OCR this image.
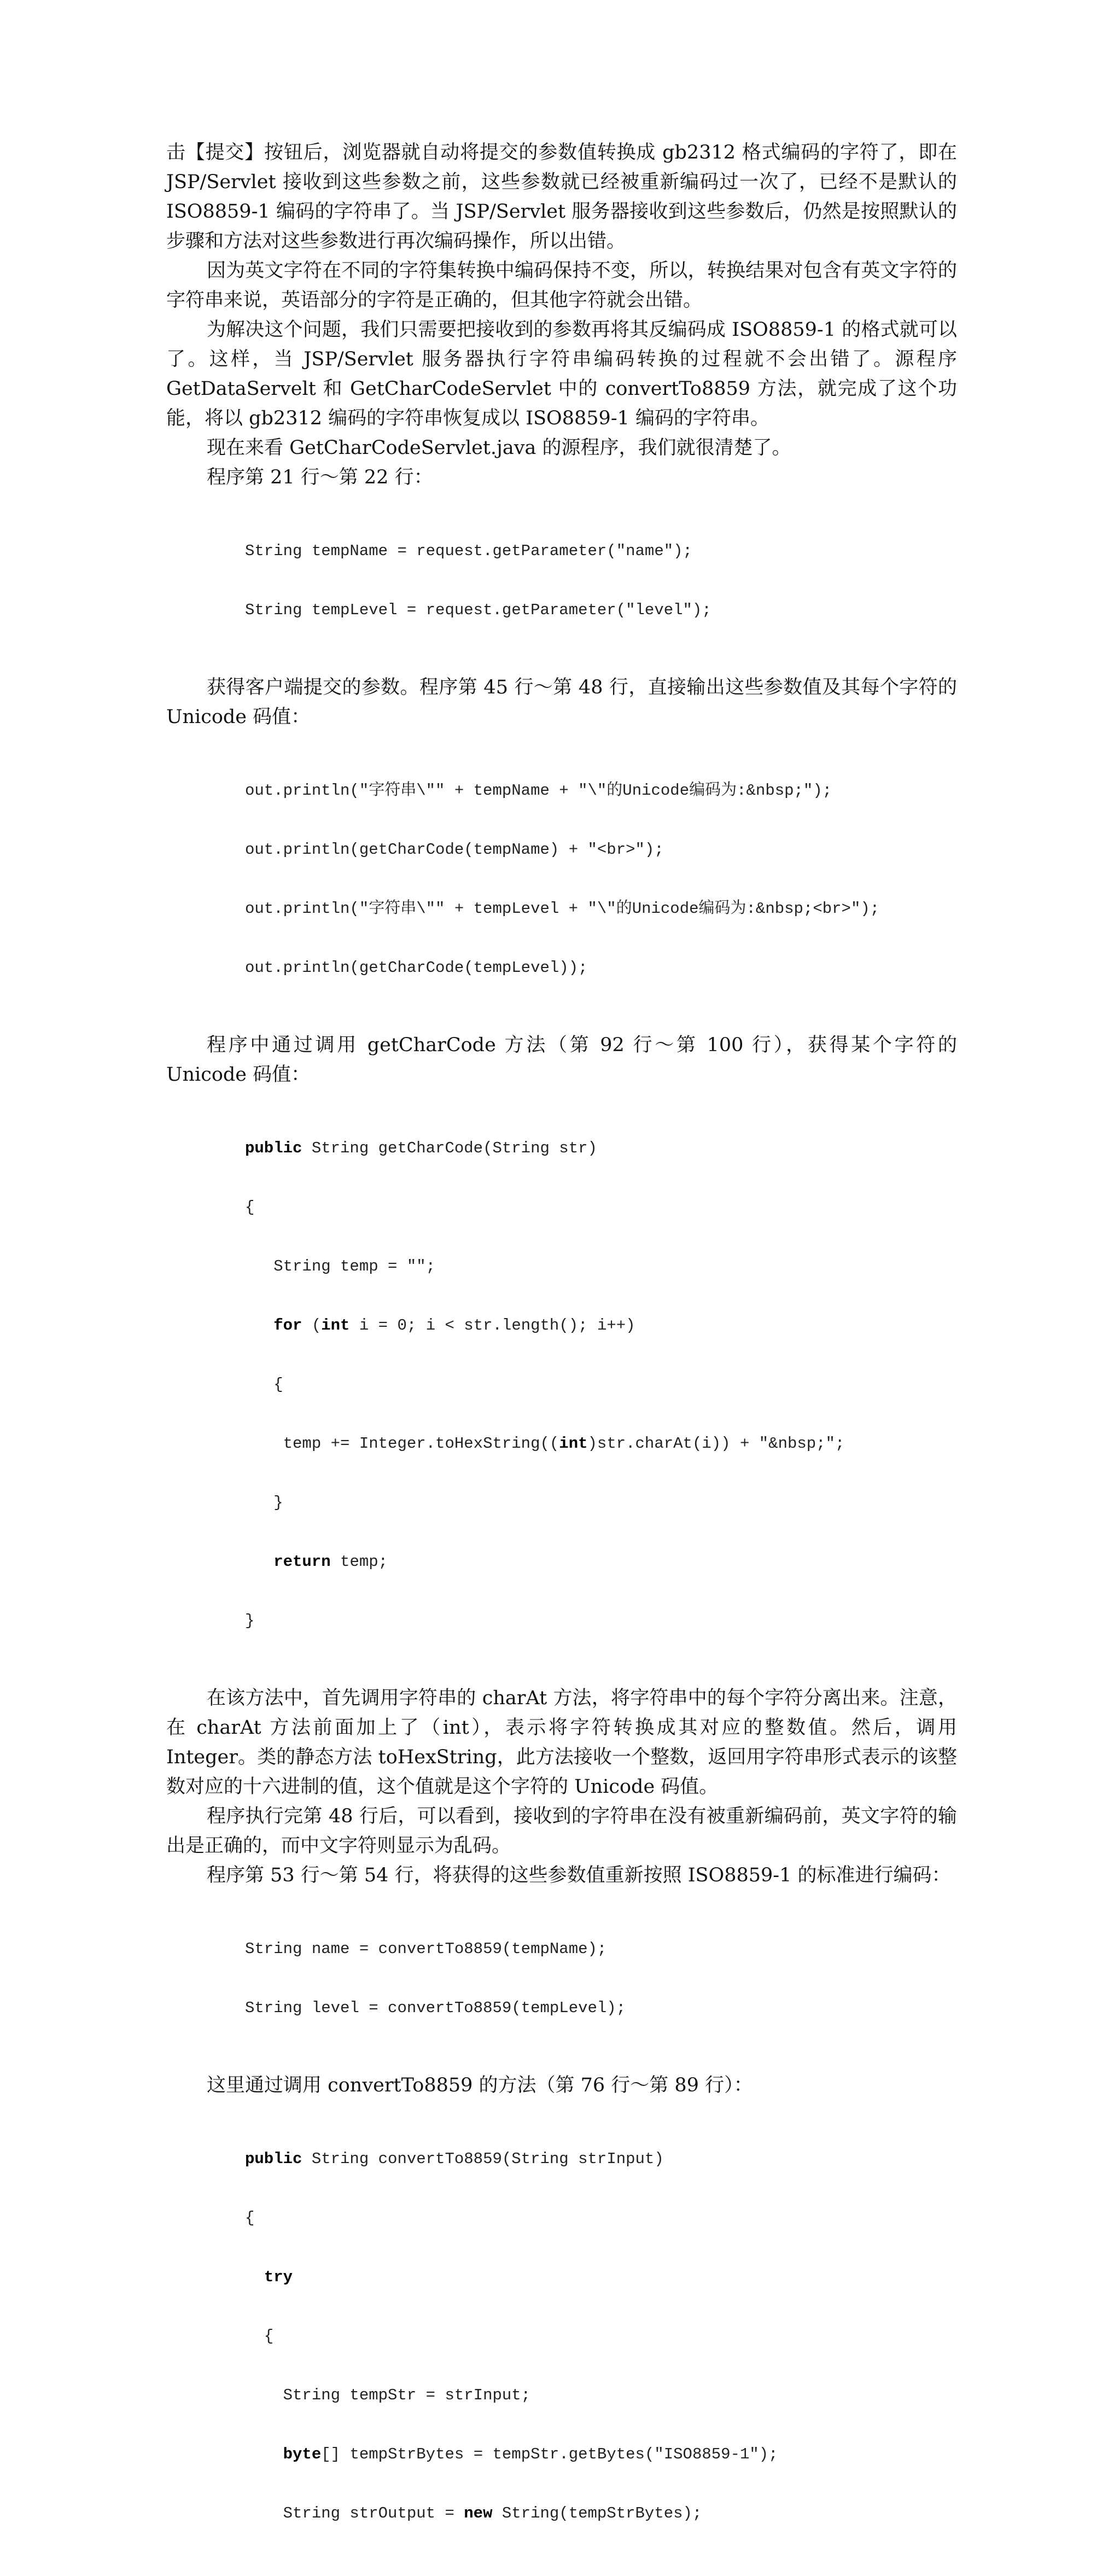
击【提交】按钮后，浏览器就自动将提交的参数值转换成 gb2312 格式编码的字符了，即在 JSP/Servlet 接收到这些参数之前，这些参数就已经被重新编码过一次了，已经不是默认的 ISO8859-1 编码的字符串了。当 JSP/Servlet 服务器接收到这些参数后，仍然是按照默认的步骤和方法对这些参数进行再次编码操作，所以出错。

因为英文字符在不同的字符集转换中编码保持不变，所以，转换结果对包含有英文字符的字符串来说，英语部分的字符是正确的，但其他字符就会出错。

为解决这个问题，我们只需要把接收到的参数再将其反编码成 ISO8859-1 的格式就可以了。这样，当 JSP/Servlet 服务器执行字符串编码转换的过程就不会出错了。源程序 GetDataServelt 和 GetCharCodeServlet 中的 convertTo8859 方法，就完成了这个功能，将以 gb2312 编码的字符串恢复成以 ISO8859-1 编码的字符串。

现在来看 GetCharCodeServlet.java 的源程序，我们就很清楚了。

程序第 21 行～第 22 行：

String tempName = request.getParameter("name");

String tempLevel = request.getParameter("level");

获得客户端提交的参数。程序第 45 行～第 48 行，直接输出这些参数值及其每个字符的 Unicode 码值：

out.println("字符串\"" + tempName + "\"的Unicode编码为:&nbsp;");

out.println(getCharCode(tempName) + "<br>");

out.println("字符串\"" + tempLevel + "\"的Unicode编码为:&nbsp;<br>");

out.println(getCharCode(tempLevel));

程序中通过调用 getCharCode 方法（第 92 行～第 100 行），获得某个字符的 Unicode 码值：

public String getCharCode(String str)

{

String temp = "";

for (int i = 0; i < str.length(); i++)

{

temp += Integer.toHexString((int)str.charAt(i)) + "&nbsp;";

}

return temp;

}

在该方法中，首先调用字符串的 charAt 方法，将字符串中的每个字符分离出来。注意，在 charAt 方法前面加上了（int），表示将字符转换成其对应的整数值。然后，调用 Integer。类的静态方法 toHexString，此方法接收一个整数，返回用字符串形式表示的该整数对应的十六进制的值，这个值就是这个字符的 Unicode 码值。

程序执行完第 48 行后，可以看到，接收到的字符串在没有被重新编码前，英文字符的输出是正确的，而中文字符则显示为乱码。

程序第 53 行～第 54 行，将获得的这些参数值重新按照 ISO8859-1 的标准进行编码：

String name = convertTo8859(tempName);

String level = convertTo8859(tempLevel);

这里通过调用 convertTo8859 的方法（第 76 行～第 89 行）：

public String convertTo8859(String strInput)

{

try

{

String tempStr = strInput;

byte[] tempStrBytes = tempStr.getBytes("ISO8859-1");

String strOutput = new String(tempStrBytes);
